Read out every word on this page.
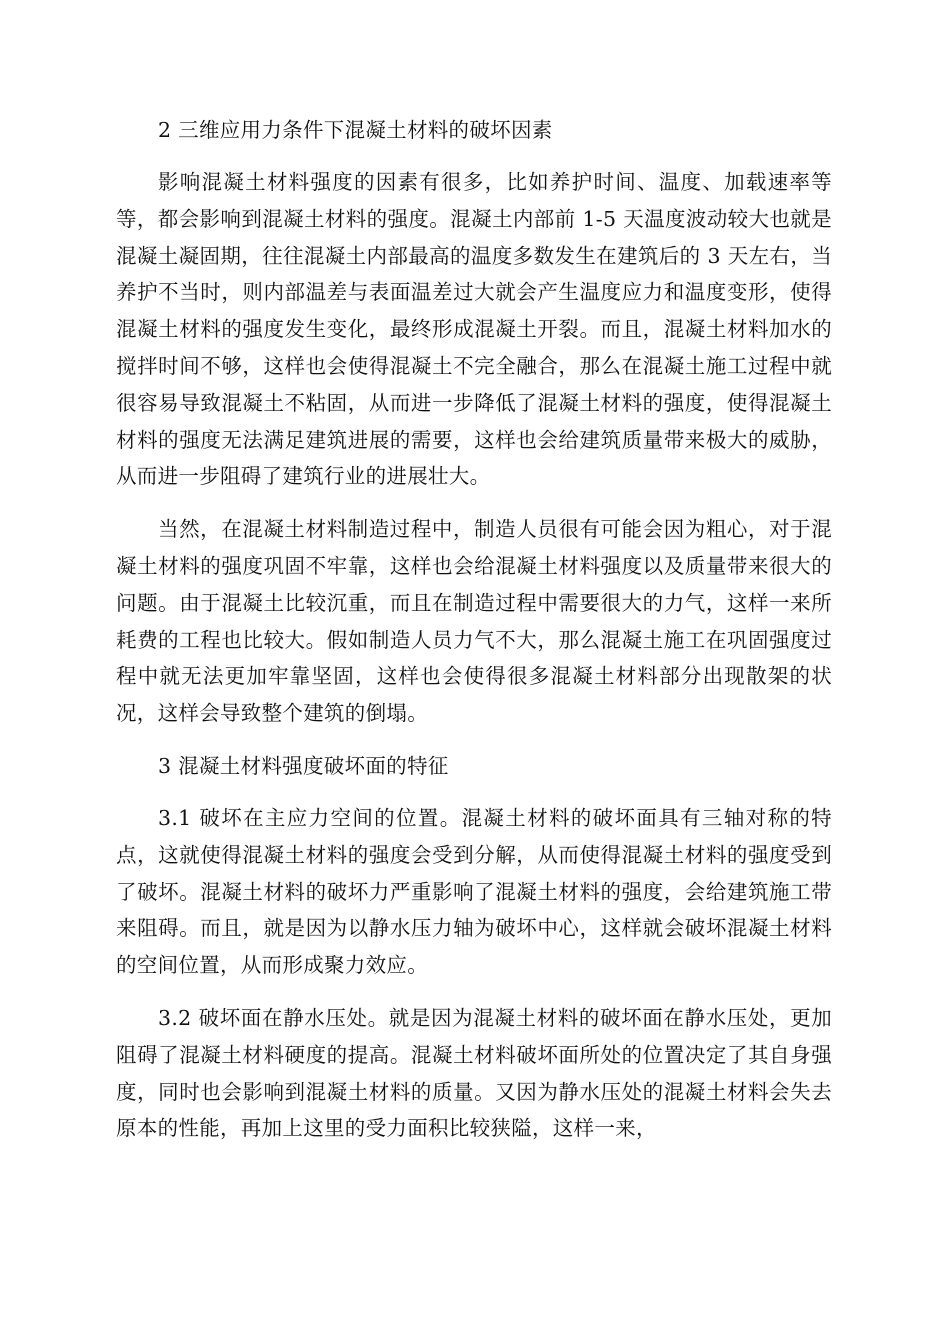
2 三维应用力条件下混凝土材料的破坏因素

影响混凝土材料强度的因素有很多，比如养护时间、温度、加载速率等等，都会影响到混凝土材料的强度。混凝土内部前 1-5 天温度波动较大也就是混凝土凝固期，往往混凝土内部最高的温度多数发生在建筑后的 3 天左右，当养护不当时，则内部温差与表面温差过大就会产生温度应力和温度变形，使得混凝土材料的强度发生变化，最终形成混凝土开裂。而且，混凝土材料加水的搅拌时间不够，这样也会使得混凝土不完全融合，那么在混凝土施工过程中就很容易导致混凝土不粘固，从而进一步降低了混凝土材料的强度，使得混凝土材料的强度无法满足建筑进展的需要，这样也会给建筑质量带来极大的威胁，从而进一步阻碍了建筑行业的进展壮大。

当然，在混凝土材料制造过程中，制造人员很有可能会因为粗心，对于混凝土材料的强度巩固不牢靠，这样也会给混凝土材料强度以及质量带来很大的问题。由于混凝土比较沉重，而且在制造过程中需要很大的力气，这样一来所耗费的工程也比较大。假如制造人员力气不大，那么混凝土施工在巩固强度过程中就无法更加牢靠坚固，这样也会使得很多混凝土材料部分出现散架的状况，这样会导致整个建筑的倒塌。

3 混凝土材料强度破坏面的特征

3.1 破坏在主应力空间的位置。混凝土材料的破坏面具有三轴对称的特点，这就使得混凝土材料的强度会受到分解，从而使得混凝土材料的强度受到了破坏。混凝土材料的破坏力严重影响了混凝土材料的强度，会给建筑施工带来阻碍。而且，就是因为以静水压力轴为破坏中心，这样就会破坏混凝土材料的空间位置，从而形成聚力效应。

3.2 破坏面在静水压处。就是因为混凝土材料的破坏面在静水压处，更加阻碍了混凝土材料硬度的提高。混凝土材料破坏面所处的位置决定了其自身强度，同时也会影响到混凝土材料的质量。又因为静水压处的混凝土材料会失去原本的性能，再加上这里的受力面积比较狭隘，这样一来，
